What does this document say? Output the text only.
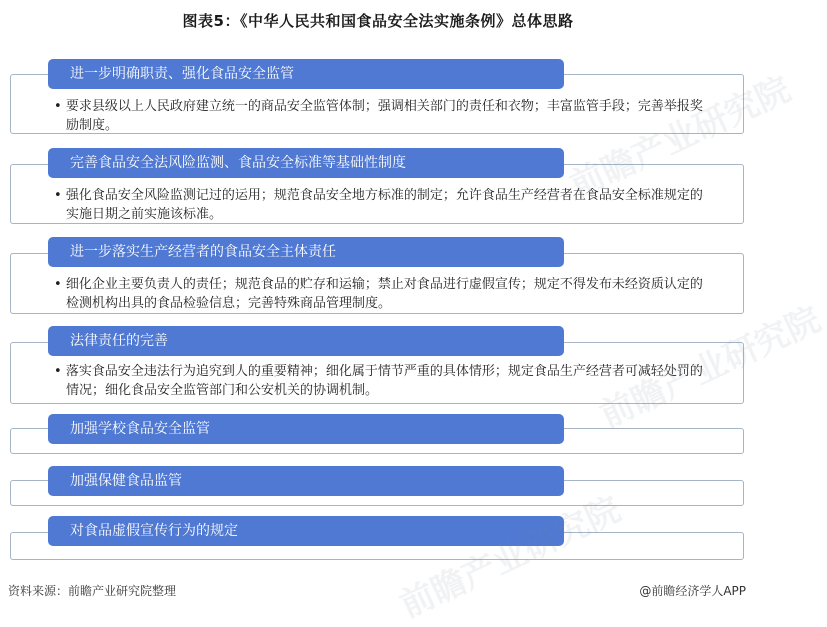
图表5：《中华人民共和国食品安全法实施条例》总体思路
进一步明确职责、强化食品安全监管
• 要求县级以上人民政府建立统一的商品安全监管体制；强调相关部门的责任和衣物；丰富监管手段；完善举报奖励制度。
完善食品安全法风险监测、食品安全标准等基础性制度
• 强化食品安全风险监测记过的运用；规范食品安全地方标准的制定；允许食品生产经营者在食品安全标准规定的实施日期之前实施该标准。
进一步落实生产经营者的食品安全主体责任
• 细化企业主要负责人的责任；规范食品的贮存和运输；禁止对食品进行虚假宣传；规定不得发布未经资质认定的检测机构出具的食品检验信息；完善特殊商品管理制度。
法律责任的完善
• 落实食品安全违法行为追究到人的重要精神；细化属于情节严重的具体情形；规定食品生产经营者可减轻处罚的情况；细化食品安全监管部门和公安机关的协调机制。
加强学校食品安全监管
加强保健食品监管
对食品虚假宣传行为的规定
前瞻产业研究院
资料来源：前瞻产业研究院整理	@前瞻经济学人APP
